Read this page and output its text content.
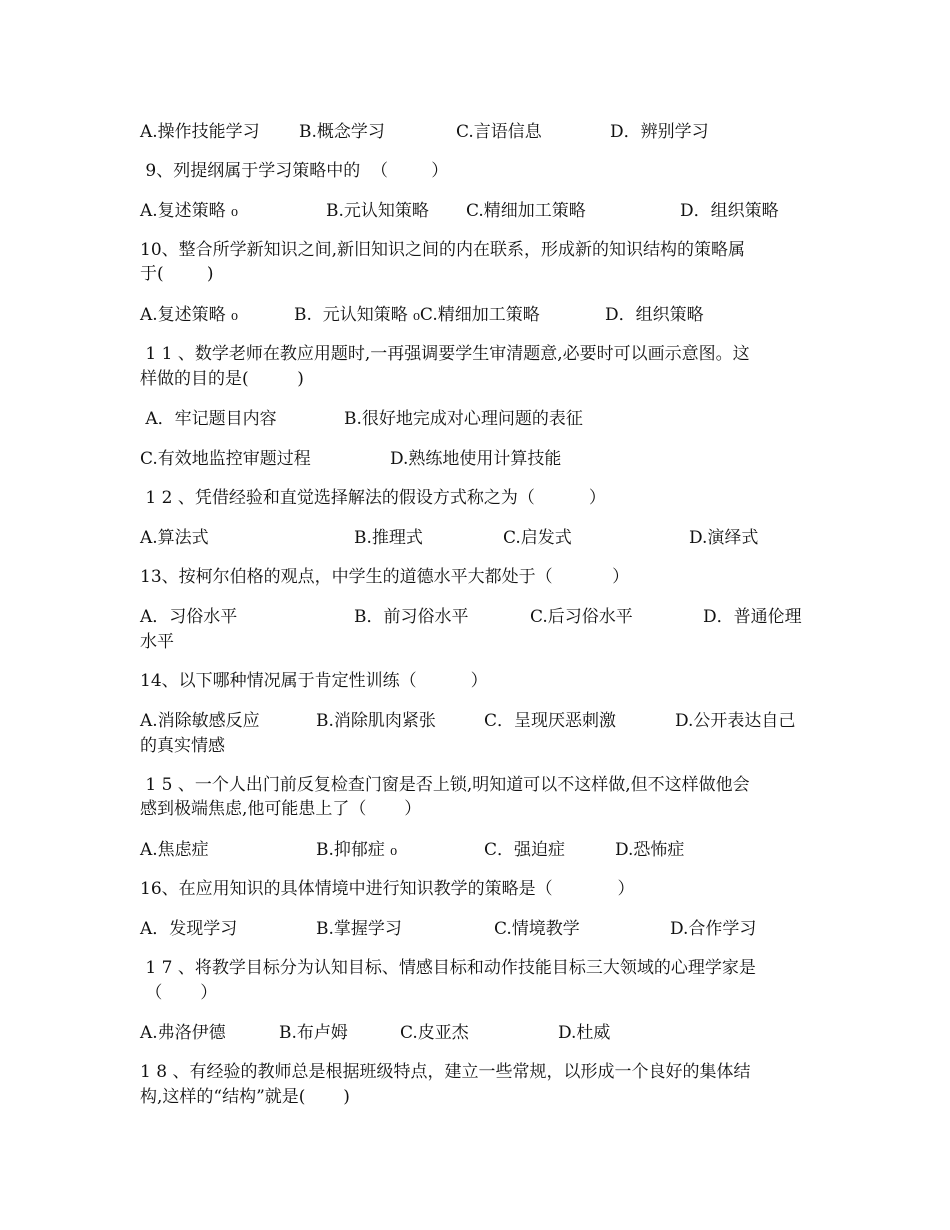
A.操作技能学习 B.概念学习	C.言语信息	D．辨别学习
9、列提纲属于学习策略中的  （        ）
A.复述策略 ₀	B.元认知策略 C.精细加工策略	D．组织策略
10、整合所学新知识之间,新旧知识之间的内在联系，形成新的知识结构的策略属
于(        )
A.复述策略 ₀	B.  元认知策略 ₀C.精细加工策略	D．组织策略
1 1 、数学老师在教应用题时,一再强调要学生审清题意,必要时可以画示意图。这
样做的目的是(         )
A．牢记题目内容	B.很好地完成对心理问题的表征
C.有效地监控审题过程	D.熟练地使用计算技能
1 2 、凭借经验和直觉选择解法的假设方式称之为（          ）
A.算法式	B.推理式	C.启发式	D.演绎式
13、按柯尔伯格的观点，中学生的道德水平大都处于（           ）
A．习俗水平	B．前习俗水平	C.后习俗水平	D．普通伦理
水平
14、以下哪种情况属于肯定性训练（          ）
A.消除敏感反应	B.消除肌肉紧张	C．呈现厌恶刺激	D.公开表达自己
的真实情感
1 5 、一个人出门前反复检查门窗是否上锁,明知道可以不这样做,但不这样做他会
感到极端焦虑,他可能患上了（       ）
A.焦虑症	B.抑郁症 ₀	C．强迫症	D.恐怖症
16、在应用知识的具体情境中进行知识教学的策略是（            ）
A．发现学习	B.掌握学习	C.情境教学	D.合作学习
1 7 、将教学目标分为认知目标、情感目标和动作技能目标三大领域的心理学家是
（       ）
A.弗洛伊德	B.布卢姆	C.皮亚杰	D.杜威
1 8 、有经验的教师总是根据班级特点，建立一些常规，以形成一个良好的集体结
构,这样的“结构”就是(       )
